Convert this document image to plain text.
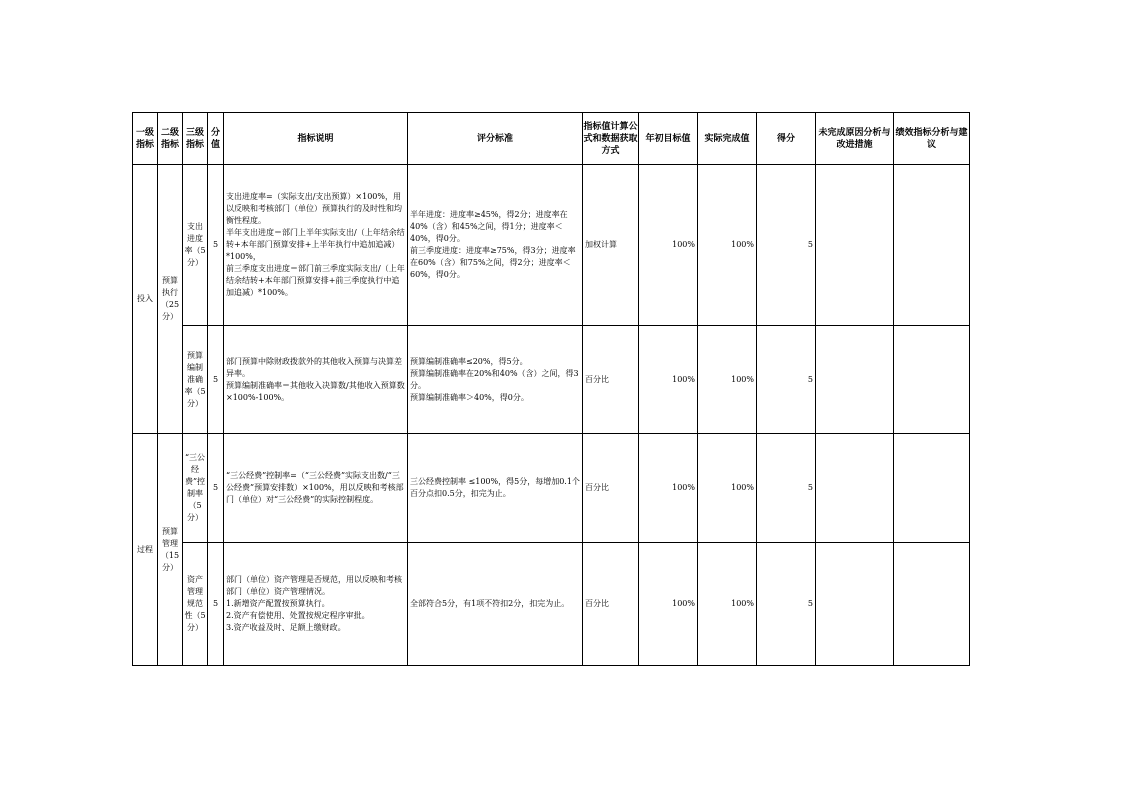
一级指标	二级指标	三级指标	分值	指标说明	评分标准	指标值计算公式和数据获取方式	年初目标值	实际完成值	得分	未完成原因分析与改进措施	绩效指标分析与建议
投入	预算执行（25分）	支出进度率（5分）	5	支出进度率=（实际支出/支出预算）×100%，用以反映和考核部门（单位）预算执行的及时性和均衡性程度。
半年支出进度＝部门上半年实际支出/（上年结余结转+本年部门预算安排+上半年执行中追加追减）*100%，
前三季度支出进度＝部门前三季度实际支出/（上年结余结转+本年部门预算安排+前三季度执行中追加追减）*100%。	半年进度：进度率≥45%，得2分；进度率在40%（含）和45%之间，得1分；进度率＜40%，得0分。
前三季度进度：进度率≥75%，得3分；进度率在60%（含）和75%之间，得2分；进度率＜60%，得0分。	加权计算	100%	100%	5		
		预算编制准确率（5分）	5	部门预算中除财政拨款外的其他收入预算与决算差异率。
预算编制准确率＝其他收入决算数/其他收入预算数×100%-100%。	预算编制准确率≤20%，得5分。
预算编制准确率在20%和40%（含）之间，得3分。
预算编制准确率＞40%，得0分。	百分比	100%	100%	5		
过程	预算管理（15分）	“三公经费”控制率（5分）	5	“三公经费”控制率=（“三公经费”实际支出数/“三公经费”预算安排数）×100%，用以反映和考核部门（单位）对“三公经费”的实际控制程度。	三公经费控制率 ≤100%，得5分，每增加0.1个百分点扣0.5分，扣完为止。	百分比	100%	100%	5		
		资产管理规范性（5分）	5	部门（单位）资产管理是否规范，用以反映和考核部门（单位）资产管理情况。
1.新增资产配置按预算执行。
2.资产有偿使用、处置按规定程序审批。
3.资产收益及时、足额上缴财政。	全部符合5分，有1项不符扣2分，扣完为止。	百分比	100%	100%	5		
